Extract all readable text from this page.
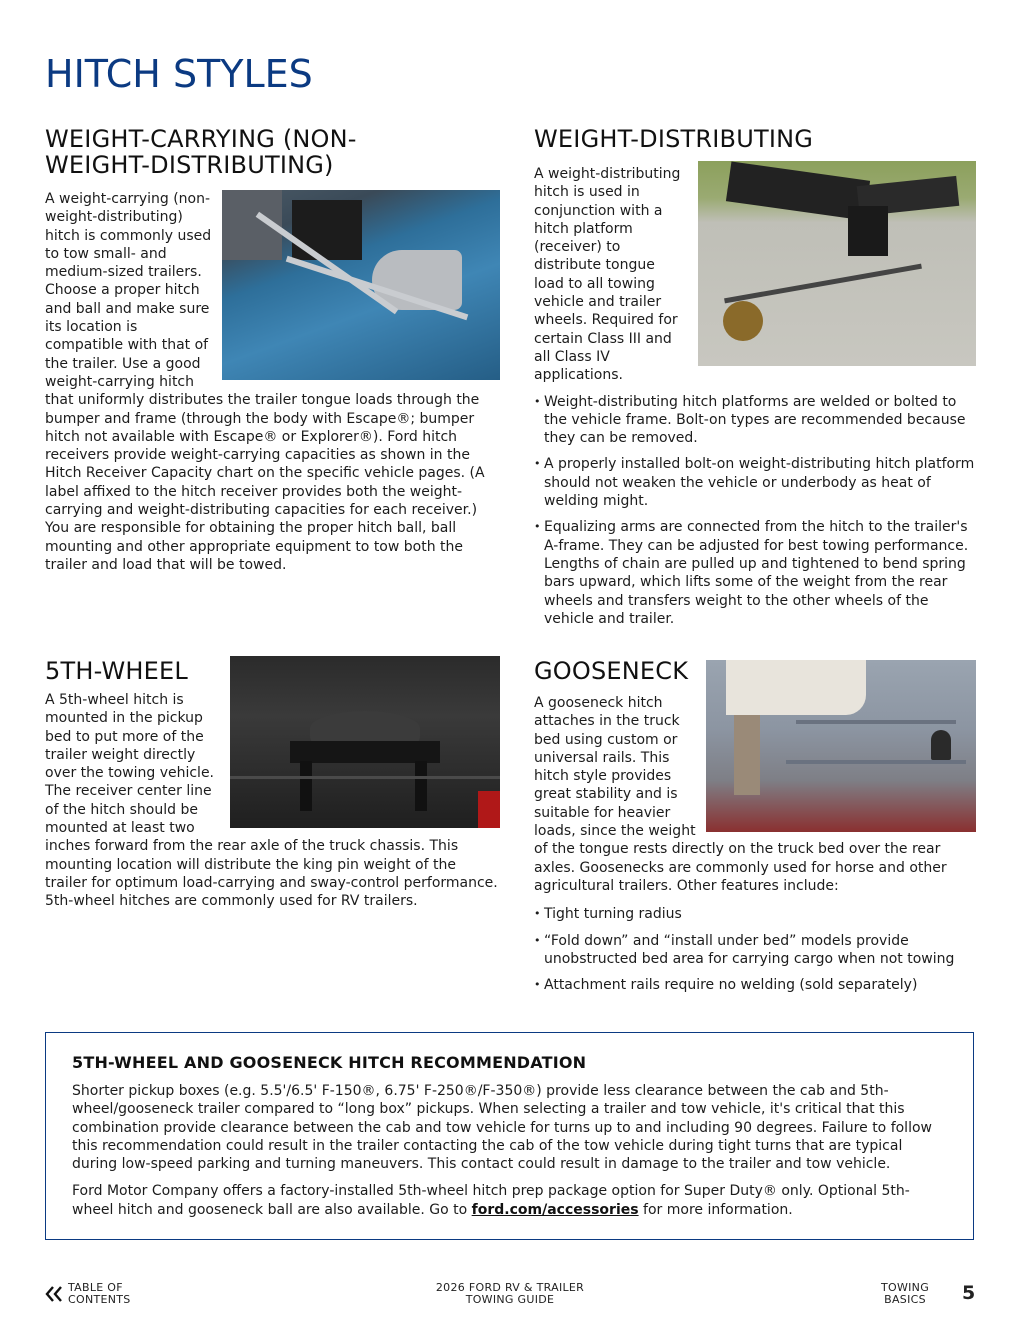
HITCH STYLES
WEIGHT-CARRYING (NON-
WEIGHT-DISTRIBUTING)

A weight-carrying (non-weight-distributing) hitch is commonly used to tow small- and medium-sized trailers. Choose a proper hitch and ball and make sure its location is compatible with that of the trailer. Use a good weight-carrying hitch that uniformly distributes the trailer tongue loads through the bumper and frame (through the body with Escape®; bumper hitch not available with Escape® or Explorer®). Ford hitch receivers provide weight-carrying capacities as shown in the Hitch Receiver Capacity chart on the specific vehicle pages. (A label affixed to the hitch receiver provides both the weight-carrying and weight-distributing capacities for each receiver.) You are responsible for obtaining the proper hitch ball, ball mounting and other appropriate equipment to tow both the trailer and load that will be towed.

WEIGHT-DISTRIBUTING

A weight-distributing hitch is used in conjunction with a hitch platform (receiver) to distribute tongue load to all towing vehicle and trailer wheels. Required for certain Class III and all Class IV applications.

• Weight-distributing hitch platforms are welded or bolted to the vehicle frame. Bolt-on types are recommended because they can be removed.
• A properly installed bolt-on weight-distributing hitch platform should not weaken the vehicle or underbody as heat of welding might.
• Equalizing arms are connected from the hitch to the trailer's A-frame. They can be adjusted for best towing performance. Lengths of chain are pulled up and tightened to bend spring bars upward, which lifts some of the weight from the rear wheels and transfers weight to the other wheels of the vehicle and trailer.
5TH-WHEEL

A 5th-wheel hitch is mounted in the pickup bed to put more of the trailer weight directly over the towing vehicle. The receiver center line of the hitch should be mounted at least two inches forward from the rear axle of the truck chassis. This mounting location will distribute the king pin weight of the trailer for optimum load-carrying and sway-control performance. 5th-wheel hitches are commonly used for RV trailers.

GOOSENECK

A gooseneck hitch attaches in the truck bed using custom or universal rails. This hitch style provides great stability and is suitable for heavier loads, since the weight of the tongue rests directly on the truck bed over the rear axles. Goosenecks are commonly used for horse and other agricultural trailers. Other features include:

• Tight turning radius
• “Fold down” and “install under bed” models provide unobstructed bed area for carrying cargo when not towing
• Attachment rails require no welding (sold separately)
5TH-WHEEL AND GOOSENECK HITCH RECOMMENDATION

Shorter pickup boxes (e.g. 5.5'/6.5' F-150®, 6.75' F-250®/F-350®) provide less clearance between the cab and 5th-wheel/gooseneck trailer compared to “long box” pickups. When selecting a trailer and tow vehicle, it's critical that this combination provide clearance between the cab and tow vehicle for turns up to and including 90 degrees. Failure to follow this recommendation could result in the trailer contacting the cab of the tow vehicle during tight turns that are typical during low-speed parking and turning maneuvers. This contact could result in damage to the trailer and tow vehicle.

Ford Motor Company offers a factory-installed 5th-wheel hitch prep package option for Super Duty® only. Optional 5th-wheel hitch and gooseneck ball are also available. Go to ford.com/accessories for more information.

TABLE OF
CONTENTS
2026 FORD RV & TRAILER
TOWING GUIDE
TOWING
BASICS	5
